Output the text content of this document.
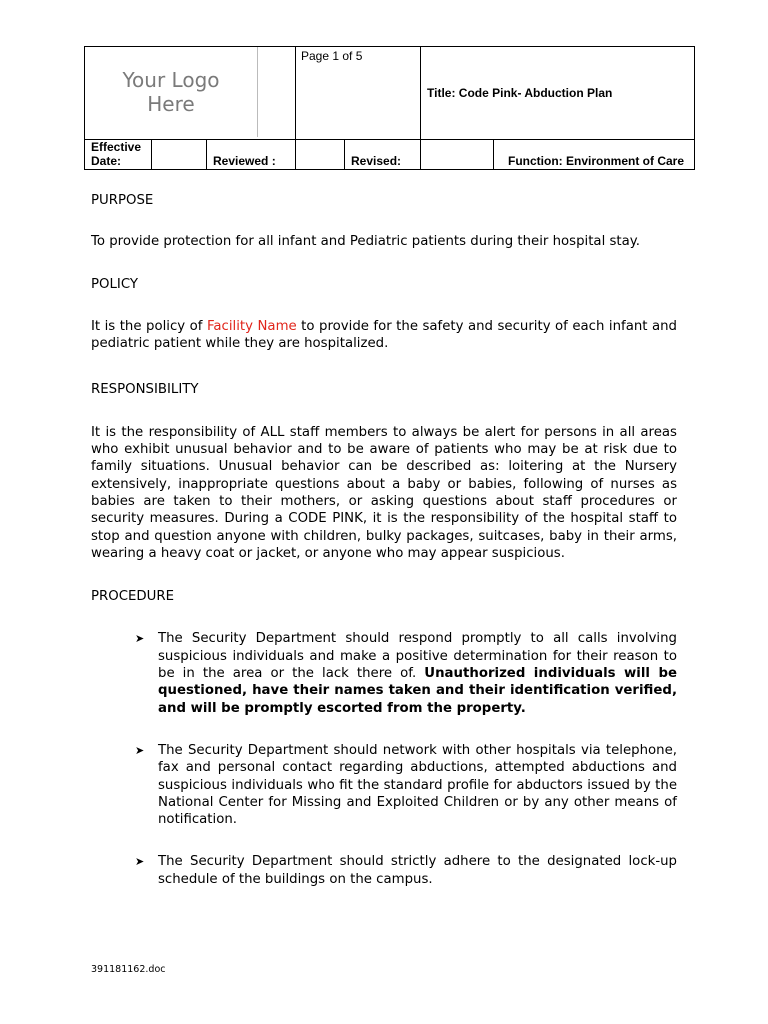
Your Logo
Here			Page 1 of 5		Title: Code Pink- Abduction Plan	
Effective
Date:		Reviewed :		Revised:		Function: Environment of Care
PURPOSE

To provide protection for all infant and Pediatric patients during their hospital stay.

POLICY

It is the policy of Facility Name to provide for the safety and security of each infant and pediatric patient while they are hospitalized.

RESPONSIBILITY

It is the responsibility of ALL staff members to always be alert for persons in all areas who exhibit unusual behavior and to be aware of patients who may be at risk due to family situations. Unusual behavior can be described as: loitering at the Nursery extensively, inappropriate questions about a baby or babies, following of nurses as babies are taken to their mothers, or asking questions about staff procedures or security measures. During a CODE PINK, it is the responsibility of the hospital staff to stop and question anyone with children, bulky packages, suitcases, baby in their arms, wearing a heavy coat or jacket, or anyone who may appear suspicious.

PROCEDURE
➤ The Security Department should respond promptly to all calls involving suspicious individuals and make a positive determination for their reason to be in the area or the lack there of. Unauthorized individuals will be questioned, have their names taken and their identification verified, and will be promptly escorted from the property.
➤ The Security Department should network with other hospitals via telephone, fax and personal contact regarding abductions, attempted abductions and suspicious individuals who fit the standard profile for abductors issued by the National Center for Missing and Exploited Children or by any other means of notification.
➤ The Security Department should strictly adhere to the designated lock-up schedule of the buildings on the campus.
391181162.doc
